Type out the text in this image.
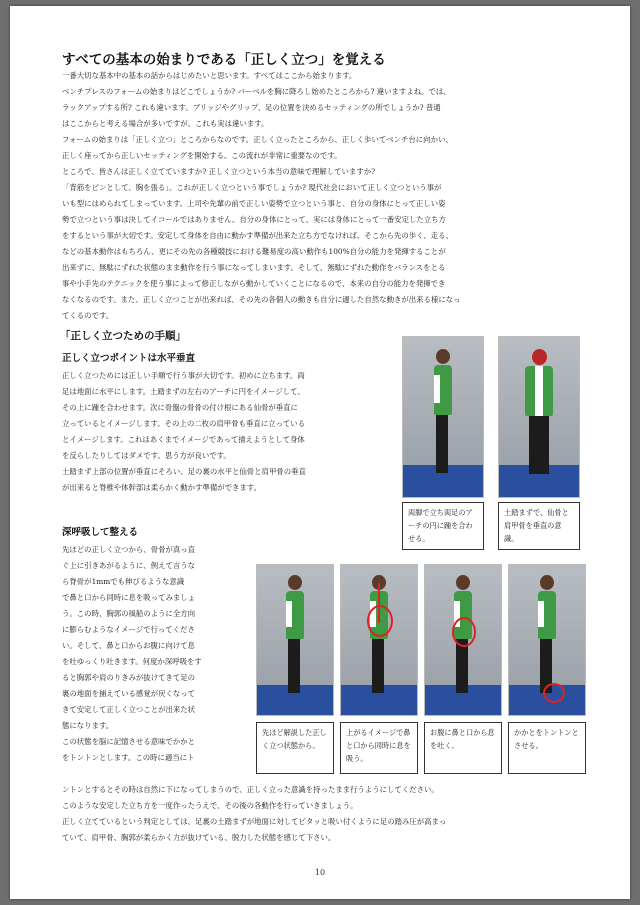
すべての基本の始まりである「正しく立つ」を覚える
一番大切な基本中の基本の話からはじめたいと思います。すべてはここから始まります。
ベンチプレスのフォームの始まりはどこでしょうか? バーベルを胸に降ろし始めたところから? 違いますよね。では、
ラックアップする所? これも違います。ブリッジやグリップ、足の位置を決めるセッティングの所でしょうか? 普通
はここからと考える場合が多いですが、これも実は違います。
フォームの始まりは「正しく立つ」ところからなのです。正しく立ったところから、正しく歩いてベンチ台に向かい、
正しく座ってから正しいセッティングを開始する。この流れが非常に重要なのです。
ところで、皆さんは正しく立てていますか? 正しく立つという本当の意味で理解していますか?
「背筋をピンとして、胸を張る」。これが正しく立つという事でしょうか? 現代社会において正しく立つという事が
いも型にはめられてしまっています。上司や先輩の前で正しい姿勢で立つという事と、自分の身体にとって正しい姿
勢で立つという事は決してイコールではありません。自分の身体にとって、実には身体にとって一番安定した立ち方
をするという事が大切です。安定して身体を自由に動かす準備が出来た立ち方でなければ、そこから先の歩く、走る、
などの基本動作はもちろん、更にその先の各種競技における難易度の高い動作も100%自分の能力を発揮することが
出来ずに、無駄にずれた状態のまま動作を行う事になってしまいます。そして、無駄にずれた動作をバランスをとる
事や小手先のテクニックを使う事によって修正しながら動かしていくことになるので、本来の自分の能力を発揮でき
なくなるのです。また、正しく立つことが出来れば、その先の各個人の動きも自分に適した自然な動きが出来る様になっ
てくるのです。
「正しく立つための手順」
正しく立つポイントは水平垂直
正しく立つためには正しい手順で行う事が大切です。初めに立ちます。両
足は地面に水平にします。土踏まずの左右のアーチに円をイメージして、
その上に踵を合わせます。次に骨盤の骨骨の付け根にある仙骨が垂直に
立っているとイメージします。その上の二枚の肩甲骨も垂直に立っている
とイメージします。これはあくまでイメージであって描えようとして身体
を反らしたりしてはダメです。思う方が良いです。
土踏まず上部の位置が垂直にそろい、足の裏の水平と仙骨と肩甲骨の垂直
が出来ると脊椎や体幹部は柔らかく動かす準備ができます。
両脚で立ち両足のアーチの円に踵を合わせる。
土踏まずで、仙骨と肩甲骨を垂直の意識。
深呼吸して整える
先ほどの正しく立つから、骨骨が真っ直
ぐ上に引きあがるように、例えて言うな
ら脊骨が1mmでも伸びるような意識
で鼻と口から同時に息を吸ってみましょ
う。この時、胸郭の風船のように全方向
に膨らむようなイメージで行ってくださ
い。そして、鼻と口からお腹に向けて息
を吐ゆっくり吐きます。何度か深呼吸をす
ると胸郭や肩のりきみが抜けてきて足の
裏の地面を捕えている感覚が戻くなって
きて安定して正しく立つことが出来た状
態になります。
この状態を脳に記憶させる意味でかかと
をトントンとします。この時に適当にト
先ほど解説した正しく立つ状態から。
上がるイメージで鼻と口から同時に息を吸う。
お腹に鼻と口から息を吐く。
かかとをトントンとさせる。
ントンとするとその時は自然に下になってしまうので、正しく立った意識を持ったまま行うようにしてください。
このような安定した立ち方を一度作ったうえで、その後の各動作を行っていきましょう。
正しく立てているという判定としては、足裏の土踏まずが地面に対してピタッと吸い付くように足の踏み圧が高まっ
ていて、肩甲骨、胸郭が柔らかく力が抜けている、脱力した状態を感じて下さい。
10
